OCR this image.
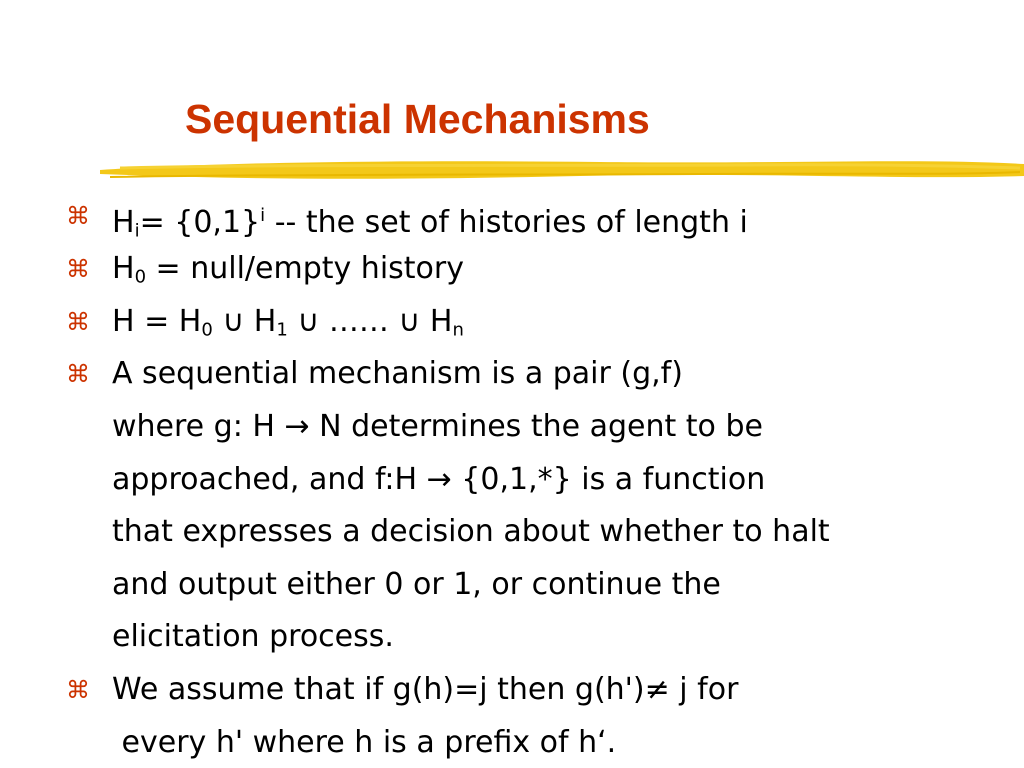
Sequential Mechanisms
⌘ $H_i= \{0,1\}^i$ -- the set of histories of length i
⌘ $H_0$ = null/empty history
⌘ $H = H_0$ ∪ $H_1$ ∪ …… ∪ $H_n$
⌘ A sequential mechanism is a pair (g,f)
where g: H → N determines the agent to be
approached, and f:H → {0,1,*} is a function
that expresses a decision about whether to halt
and output either 0 or 1, or continue the
elicitation process.
⌘ We assume that if g(h)=j then g(h')≠ j for
every h' where h is a prefix of h‘.
